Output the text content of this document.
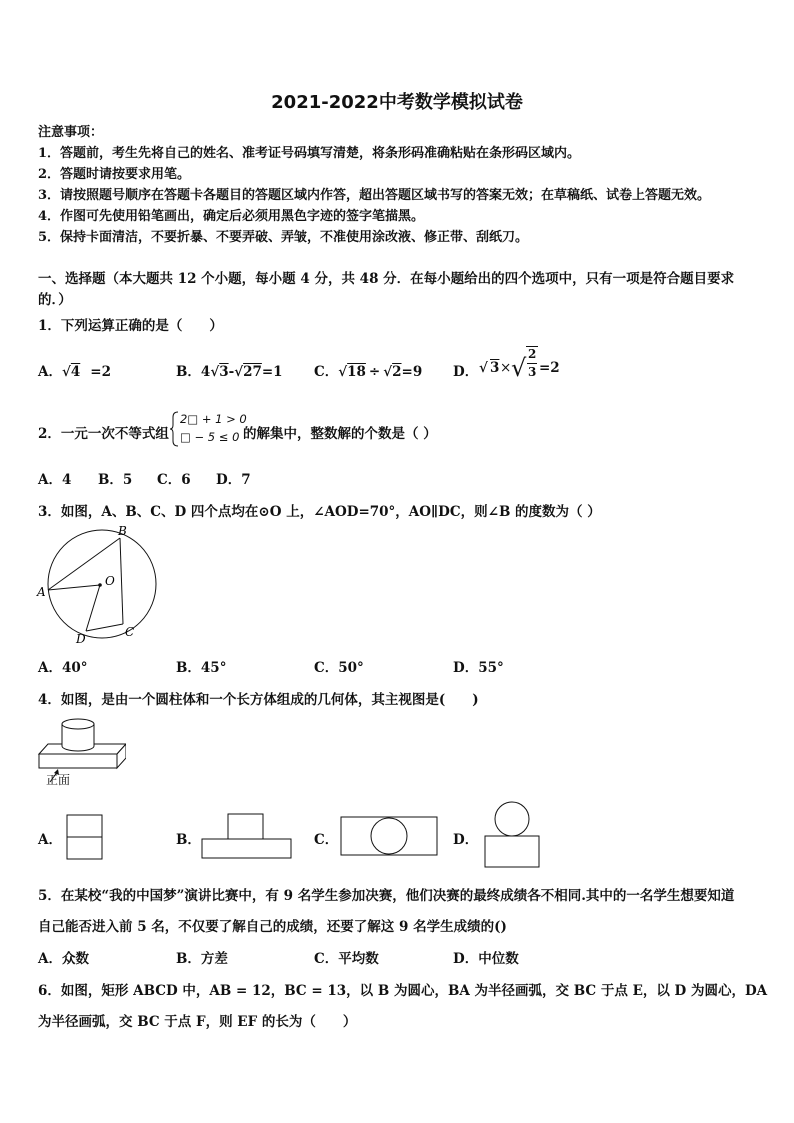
2021-2022中考数学模拟试卷
注意事项：
1．答题前，考生先将自己的姓名、准考证号码填写清楚，将条形码准确粘贴在条形码区域内。
2．答题时请按要求用笔。
3．请按照题号顺序在答题卡各题目的答题区域内作答，超出答题区域书写的答案无效；在草稿纸、试卷上答题无效。
4．作图可先使用铅笔画出，确定后必须用黑色字迹的签字笔描黑。
5．保持卡面清洁，不要折暴、不要弄破、弄皱，不准使用涂改液、修正带、刮纸刀。
一、选择题（本大题共 12 个小题，每小题 4 分，共 48 分．在每小题给出的四个选项中，只有一项是符合题目要求
的．）
1．下列运算正确的是（　　）
A．√4 =2	B．4√3-√27=1 C．√18 ÷ √2=9 D． √ 3 × √ 2
3 =2
2．一元一次不等式组
2□ + 1 > 0
□ − 5 ≤ 0 的解集中，整数解的个数是（ ）
A．4 B．5 C．6 D．7
3．如图，A、B、C、D 四个点均在⊙O 上，∠AOD=70°，AO∥DC，则∠B 的度数为（ ）
A
B
O
D	C
A．40°	B．45°	C．50°	D．55°
4．如图，是由一个圆柱体和一个长方体组成的几何体，其主视图是(　　)
正面
A．	B．	C．	D．
5．在某校“我的中国梦”演讲比赛中，有 9 名学生参加决赛，他们决赛的最终成绩各不相同.其中的一名学生想要知道
自己能否进入前 5 名，不仅要了解自己的成绩，还要了解这 9 名学生成绩的()
A．众数	B．方差	C．平均数	D．中位数
6．如图，矩形 ABCD 中，AB = 12，BC = 13，以 B 为圆心，BA 为半径画弧，交 BC 于点 E，以 D 为圆心，DA
为半径画弧，交 BC 于点 F，则 EF 的长为（　　）
